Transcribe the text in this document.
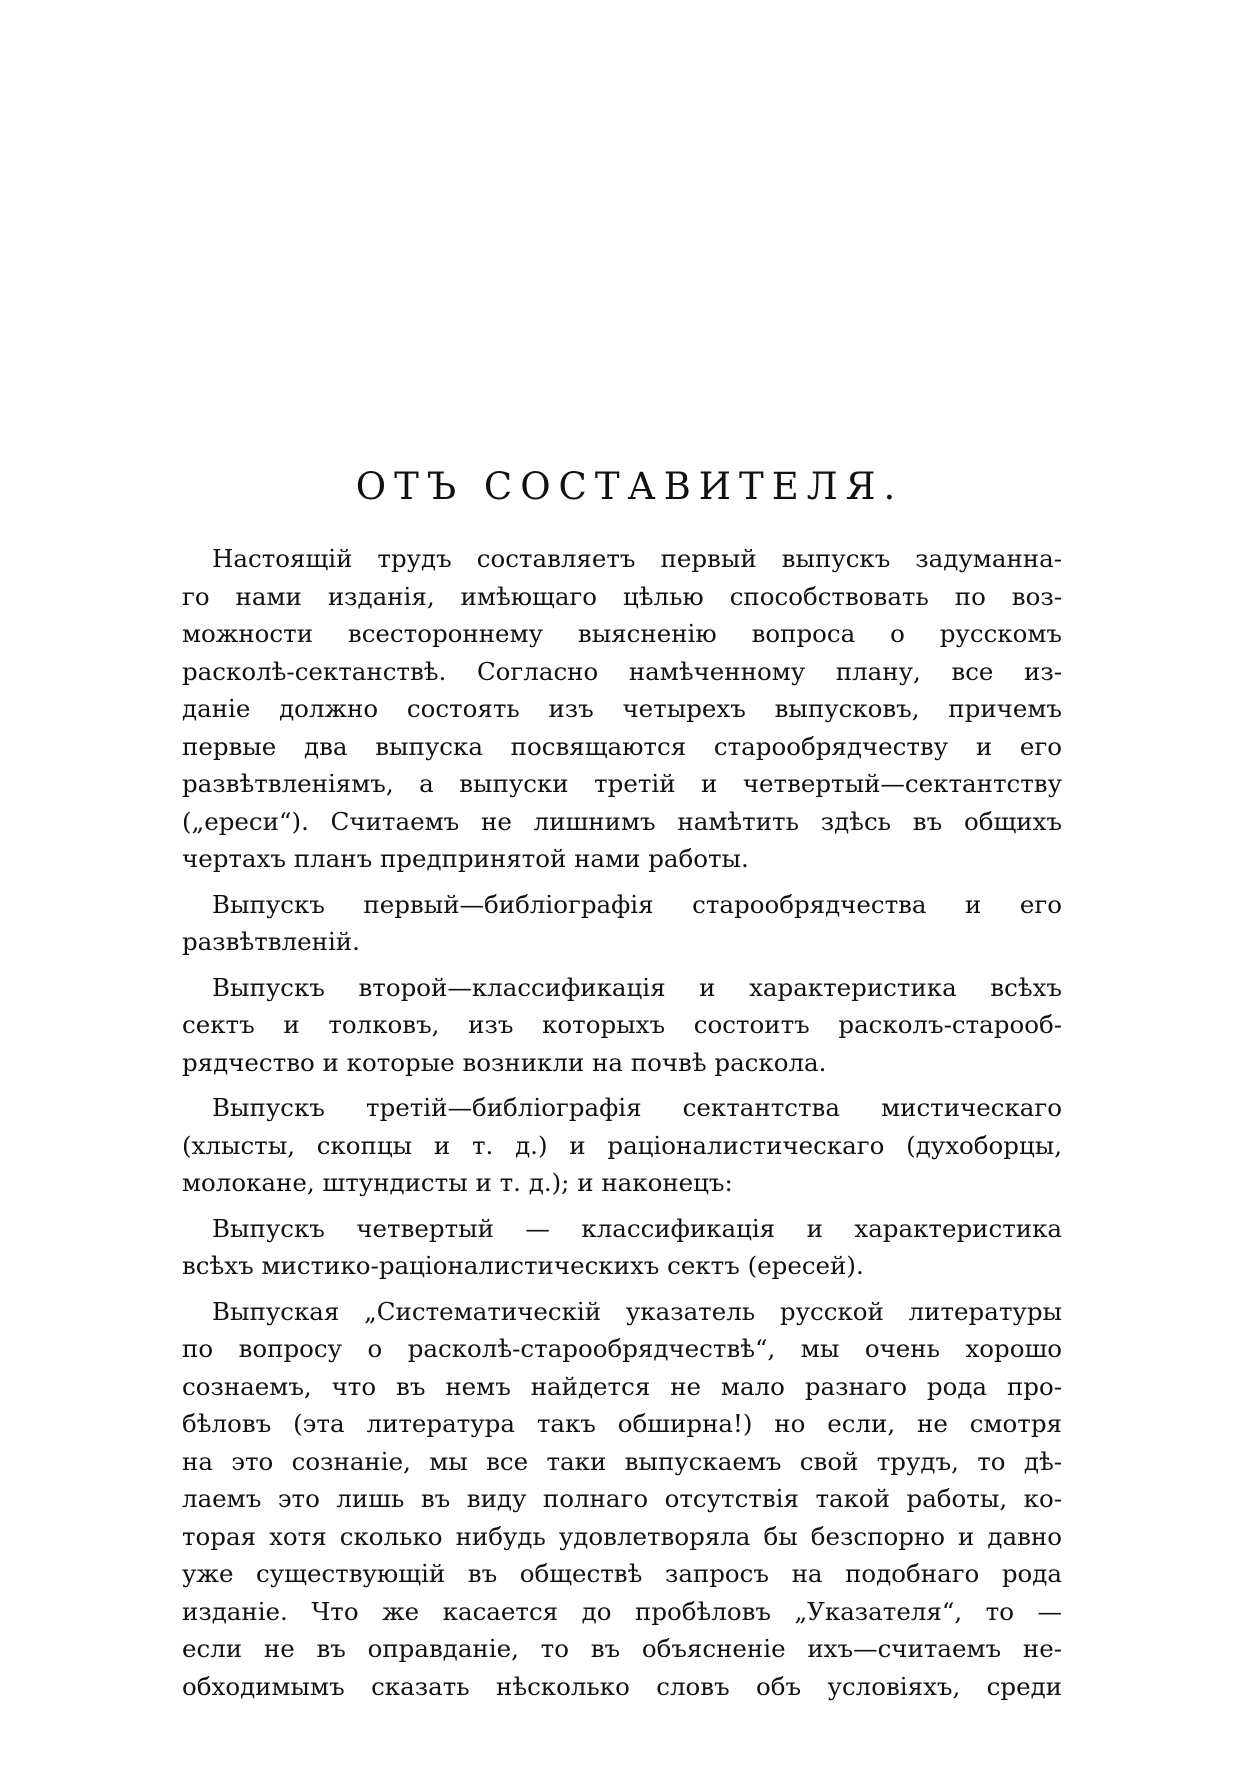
ОТЪ СОСТАВИТЕЛЯ.

Настоящій трудъ составляетъ первый выпускъ задуманна-
го нами изданія, имѣющаго цѣлью способствовать по воз-
можности всестороннему выясненію вопроса о русскомъ
расколѣ-сектанствѣ. Согласно намѣченному плану, все из-
даніе должно состоять изъ четырехъ выпусковъ, причемъ
первые два выпуска посвящаются старообрядчеству и его
развѣтвленіямъ, а выпуски третій и четвертый—сектантству
(„ереси“). Считаемъ не лишнимъ намѣтить здѣсь въ общихъ
чертахъ планъ предпринятой нами работы.

Выпускъ первый—библіографія старообрядчества и его
развѣтвленій.

Выпускъ второй—классификація и характеристика всѣхъ
сектъ и толковъ, изъ которыхъ состоитъ расколъ-старооб-
рядчество и которые возникли на почвѣ раскола.

Выпускъ третій—библіографія сектантства мистическаго
(хлысты, скопцы и т. д.) и раціоналистическаго (духоборцы,
молокане, штундисты и т. д.); и наконецъ:

Выпускъ четвертый — классификація и характеристика
всѣхъ мистико-раціоналистическихъ сектъ (ересей).

Выпуская „Систематическій указатель русской литературы
по вопросу о расколѣ-старообрядчествѣ“, мы очень хорошо
сознаемъ, что въ немъ найдется не мало разнаго рода про-
бѣловъ (эта литература такъ обширна!) но если, не смотря
на это сознаніе, мы все таки выпускаемъ свой трудъ, то дѣ-
лаемъ это лишь въ виду полнаго отсутствія такой работы, ко-
торая хотя сколько нибудь удовлетворяла бы безспорно и давно
уже существующій въ обществѣ запросъ на подобнаго рода
изданіе. Что же касается до пробѣловъ „Указателя“, то —
если не въ оправданіе, то въ объясненіе ихъ—считаемъ не-
обходимымъ сказать нѣсколько словъ объ условіяхъ, среди
